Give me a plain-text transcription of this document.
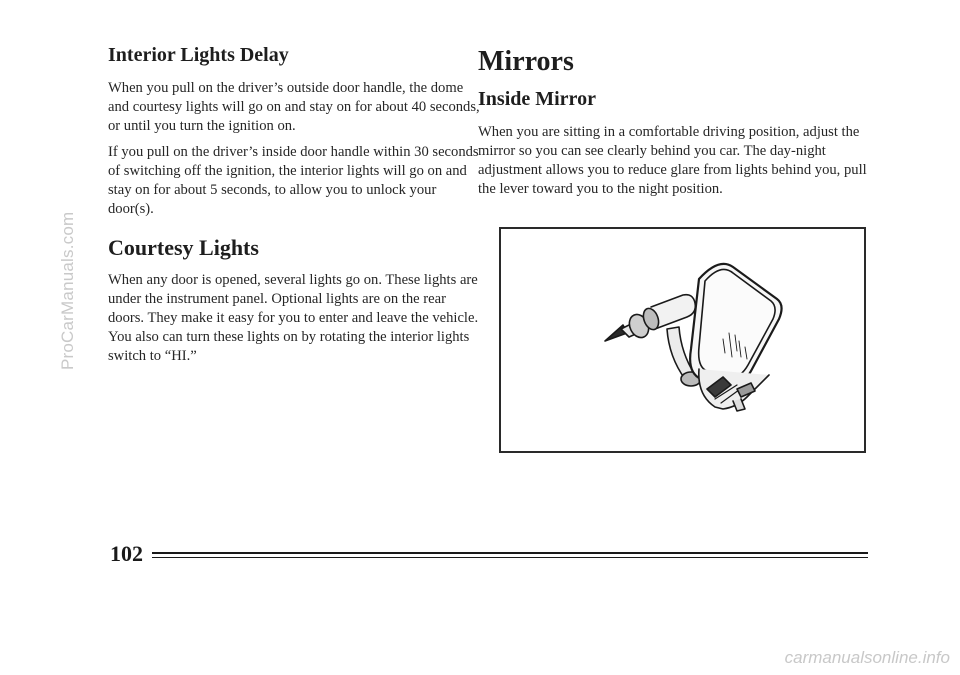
ProCarManuals.com
Interior Lights Delay

When you pull on the driver’s outside door handle, the dome and courtesy lights will go on and stay on for about 40 seconds, or until you turn the ignition on.

If you pull on the driver’s inside door handle within 30 seconds of switching off the ignition, the interior lights will go on and stay on for about 5 seconds, to allow you to unlock your door(s).

Courtesy Lights

When any door is opened, several lights go on. These lights are under the instrument panel. Optional lights are on the rear doors. They make it easy for you to enter and leave the vehicle. You also can turn these lights on by rotating the interior lights switch to “HI.”

Mirrors
Inside Mirror

When you are sitting in a comfortable driving position, adjust the mirror so you can see clearly behind you car. The day-night adjustment allows you to reduce glare from lights behind you, pull the lever toward you to the night position.

102
carmanualsonline.info
